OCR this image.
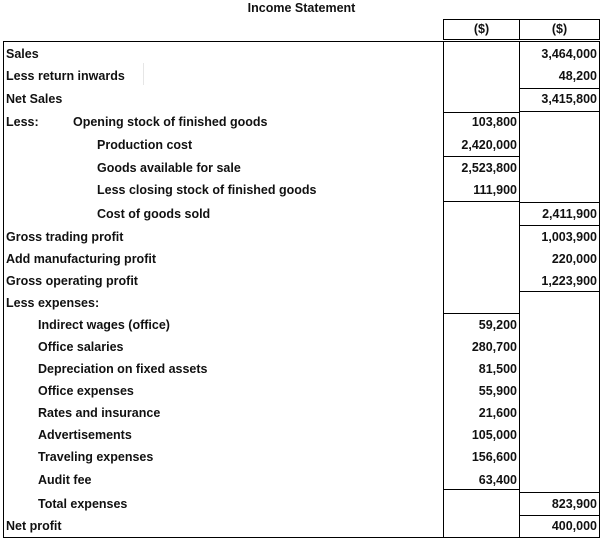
Income Statement
($)	($)
Sales
Less return inwards
Net Sales
Less:	Opening stock of finished goods
Production cost
Goods available for sale
Less closing stock of finished goods
Cost of goods sold
Gross trading profit
Add manufacturing profit
Gross operating profit
Less expenses:
Indirect wages (office)
Office salaries
Depreciation on fixed assets
Office expenses
Rates and insurance
Advertisements
Traveling expenses
Audit fee
Total expenses
Net profit
103,800
2,420,000
2,523,800
111,900
59,200
280,700
81,500
55,900
21,600
105,000
156,600
63,400
3,464,000
48,200
3,415,800
2,411,900
1,003,900
220,000
1,223,900
823,900
400,000
